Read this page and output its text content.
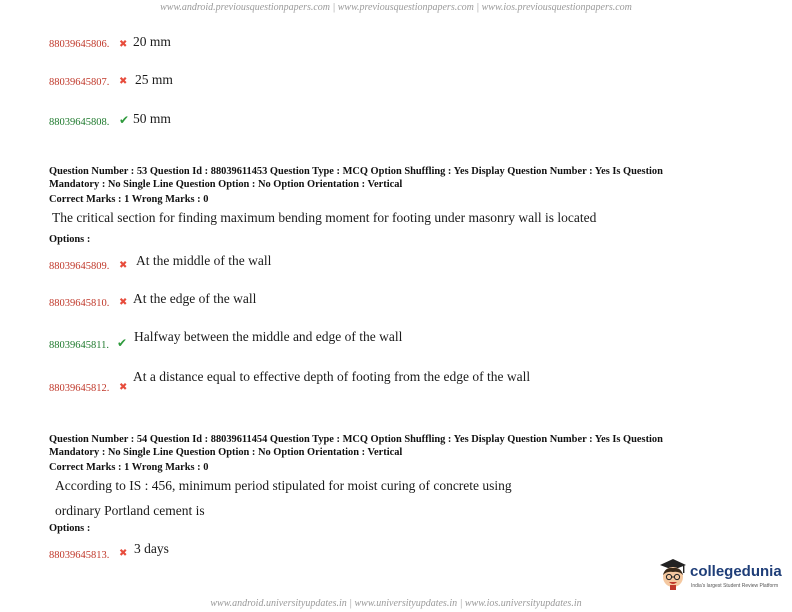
www.android.previousquestionpapers.com | www.previousquestionpapers.com | www.ios.previousquestionpapers.com
88039645806. ✖ 20 mm
88039645807. ✖ 25 mm
88039645808. ✔ 50 mm
Question Number : 53 Question Id : 88039611453 Question Type : MCQ Option Shuffling : Yes Display Question Number : Yes Is Question
Mandatory : No Single Line Question Option : No Option Orientation : Vertical
Correct Marks : 1 Wrong Marks : 0
The critical section for finding maximum bending moment for footing under masonry wall is located
Options :
88039645809. ✖ At the middle of the wall
88039645810. ✖ At the edge of the wall
88039645811. ✔ Halfway between the middle and edge of the wall
88039645812. ✖
At a distance equal to effective depth of footing from the edge of the wall
Question Number : 54 Question Id : 88039611454 Question Type : MCQ Option Shuffling : Yes Display Question Number : Yes Is Question
Mandatory : No Single Line Question Option : No Option Orientation : Vertical
Correct Marks : 1 Wrong Marks : 0
According to IS : 456, minimum period stipulated for moist curing of concrete using
ordinary Portland cement is
Options :
88039645813. ✖ 3 days
collegedunia
India's largest Student Review Platform
www.android.universityupdates.in | www.universityupdates.in | www.ios.universityupdates.in
